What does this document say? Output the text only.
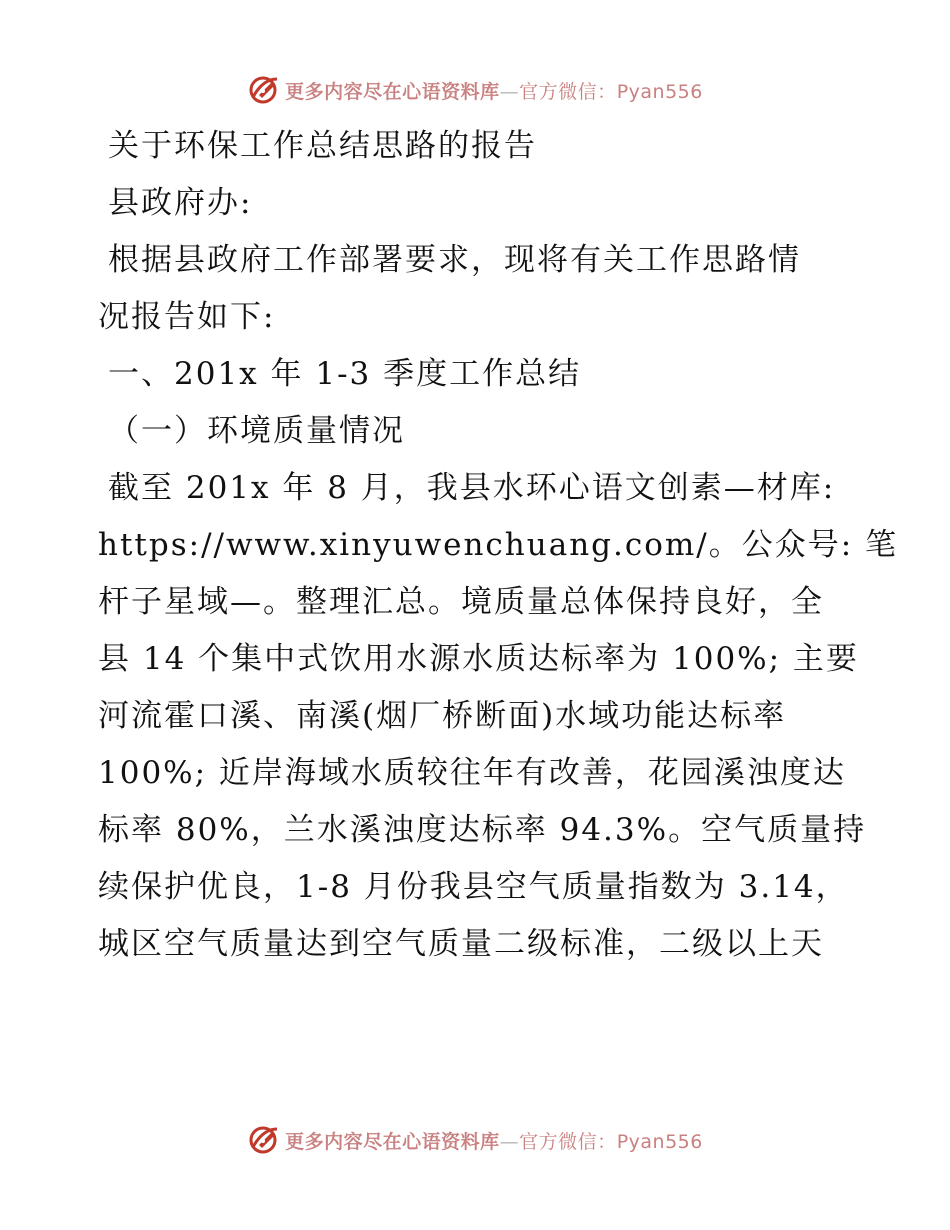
更多内容尽在心语资料库—官方微信：Pyan556
关于环保工作总结思路的报告
县政府办:
根据县政府工作部署要求，现将有关工作思路情
况报告如下:
一、201x 年 1-3 季度工作总结
（一）环境质量情况
截至 201x 年 8 月，我县水环心语文创素—材库:
https://www.xinyuwenchuang.com/。公众号: 笔
杆子星域—。整理汇总。境质量总体保持良好，全
县 14 个集中式饮用水源水质达标率为 100%; 主要
河流霍口溪、南溪(烟厂桥断面)水域功能达标率
100%; 近岸海域水质较往年有改善，花园溪浊度达
标率 80%，兰水溪浊度达标率 94.3%。空气质量持
续保护优良，1-8 月份我县空气质量指数为 3.14，
城区空气质量达到空气质量二级标准，二级以上天
更多内容尽在心语资料库—官方微信：Pyan556
